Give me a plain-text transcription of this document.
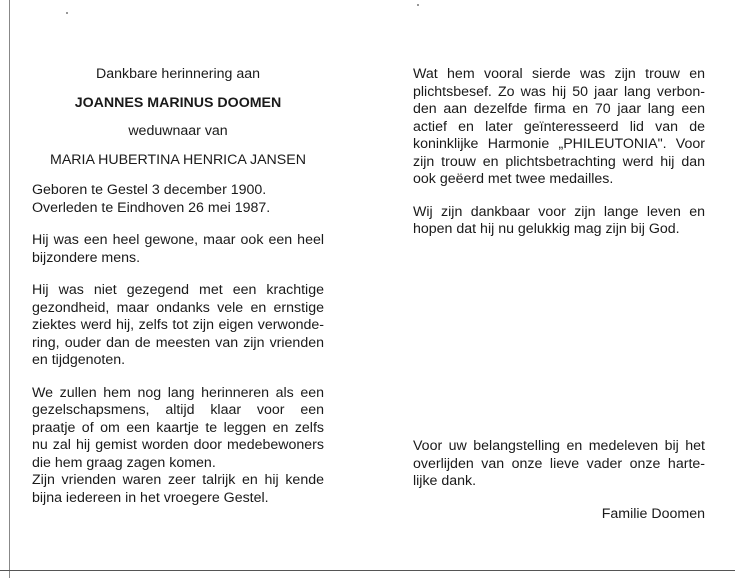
Dankbare herinnering aan
JOANNES MARINUS DOOMEN
weduwnaar van
MARIA HUBERTINA HENRICA JANSEN
Geboren te Gestel 3 december 1900.
Overleden te Eindhoven 26 mei 1987.
Hij was een heel gewone, maar ook een heel
bijzondere mens.
Hij was niet gezegend met een krachtige
gezondheid, maar ondanks vele en ernstige
ziektes werd hij, zelfs tot zijn eigen verwonde-
ring, ouder dan de meesten van zijn vrienden
en tijdgenoten.
We zullen hem nog lang herinneren als een
gezelschapsmens, altijd klaar voor een
praatje of om een kaartje te leggen en zelfs
nu zal hij gemist worden door medebewoners
die hem graag zagen komen.
Zijn vrienden waren zeer talrijk en hij kende
bijna iedereen in het vroegere Gestel.
Wat hem vooral sierde was zijn trouw en
plichtsbesef. Zo was hij 50 jaar lang verbon-
den aan dezelfde firma en 70 jaar lang een
actief en later geïnteresseerd lid van de
koninklijke Harmonie „PHILEUTONIA". Voor
zijn trouw en plichtsbetrachting werd hij dan
ook geëerd met twee medailles.
Wij zijn dankbaar voor zijn lange leven en
hopen dat hij nu gelukkig mag zijn bij God.
Voor uw belangstelling en medeleven bij het
overlijden van onze lieve vader onze harte-
lijke dank.
Familie Doomen
